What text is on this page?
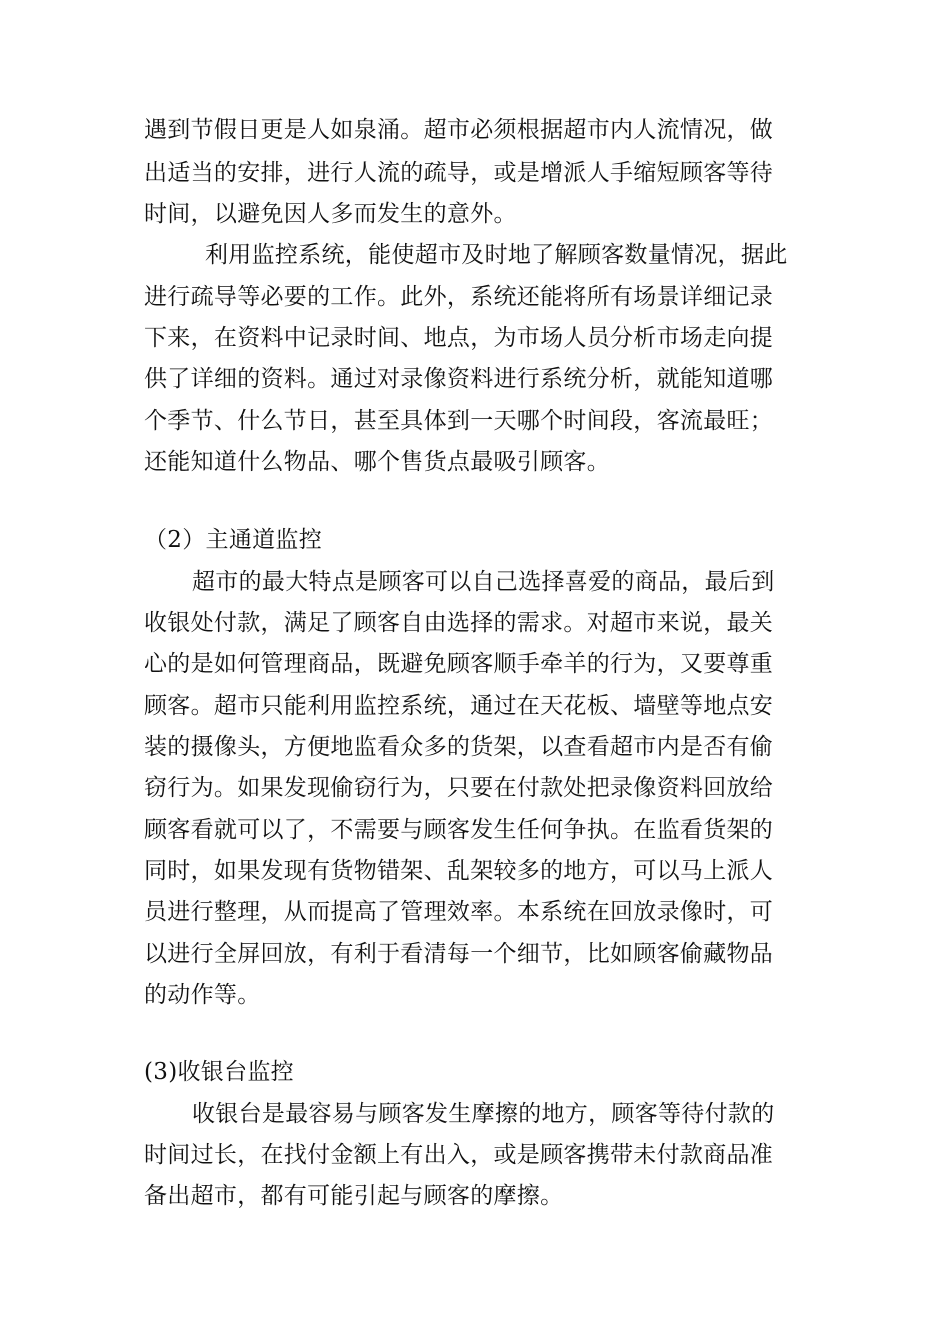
遇到节假日更是人如泉涌。超市必须根据超市内人流情况，做
出适当的安排，进行人流的疏导，或是增派人手缩短顾客等待
时间，以避免因人多而发生的意外。
利用监控系统，能使超市及时地了解顾客数量情况，据此
进行疏导等必要的工作。此外，系统还能将所有场景详细记录
下来，在资料中记录时间、地点，为市场人员分析市场走向提
供了详细的资料。通过对录像资料进行系统分析，就能知道哪
个季节、什么节日，甚至具体到一天哪个时间段，客流最旺；
还能知道什么物品、哪个售货点最吸引顾客。
（2）主通道监控
超市的最大特点是顾客可以自己选择喜爱的商品，最后到
收银处付款，满足了顾客自由选择的需求。对超市来说，最关
心的是如何管理商品，既避免顾客顺手牵羊的行为，又要尊重
顾客。超市只能利用监控系统，通过在天花板、墙壁等地点安
装的摄像头，方便地监看众多的货架，以查看超市内是否有偷
窃行为。如果发现偷窃行为，只要在付款处把录像资料回放给
顾客看就可以了，不需要与顾客发生任何争执。在监看货架的
同时，如果发现有货物错架、乱架较多的地方，可以马上派人
员进行整理，从而提高了管理效率。本系统在回放录像时，可
以进行全屏回放，有利于看清每一个细节，比如顾客偷藏物品
的动作等。
(3)收银台监控
收银台是最容易与顾客发生摩擦的地方，顾客等待付款的
时间过长，在找付金额上有出入，或是顾客携带未付款商品准
备出超市，都有可能引起与顾客的摩擦。
